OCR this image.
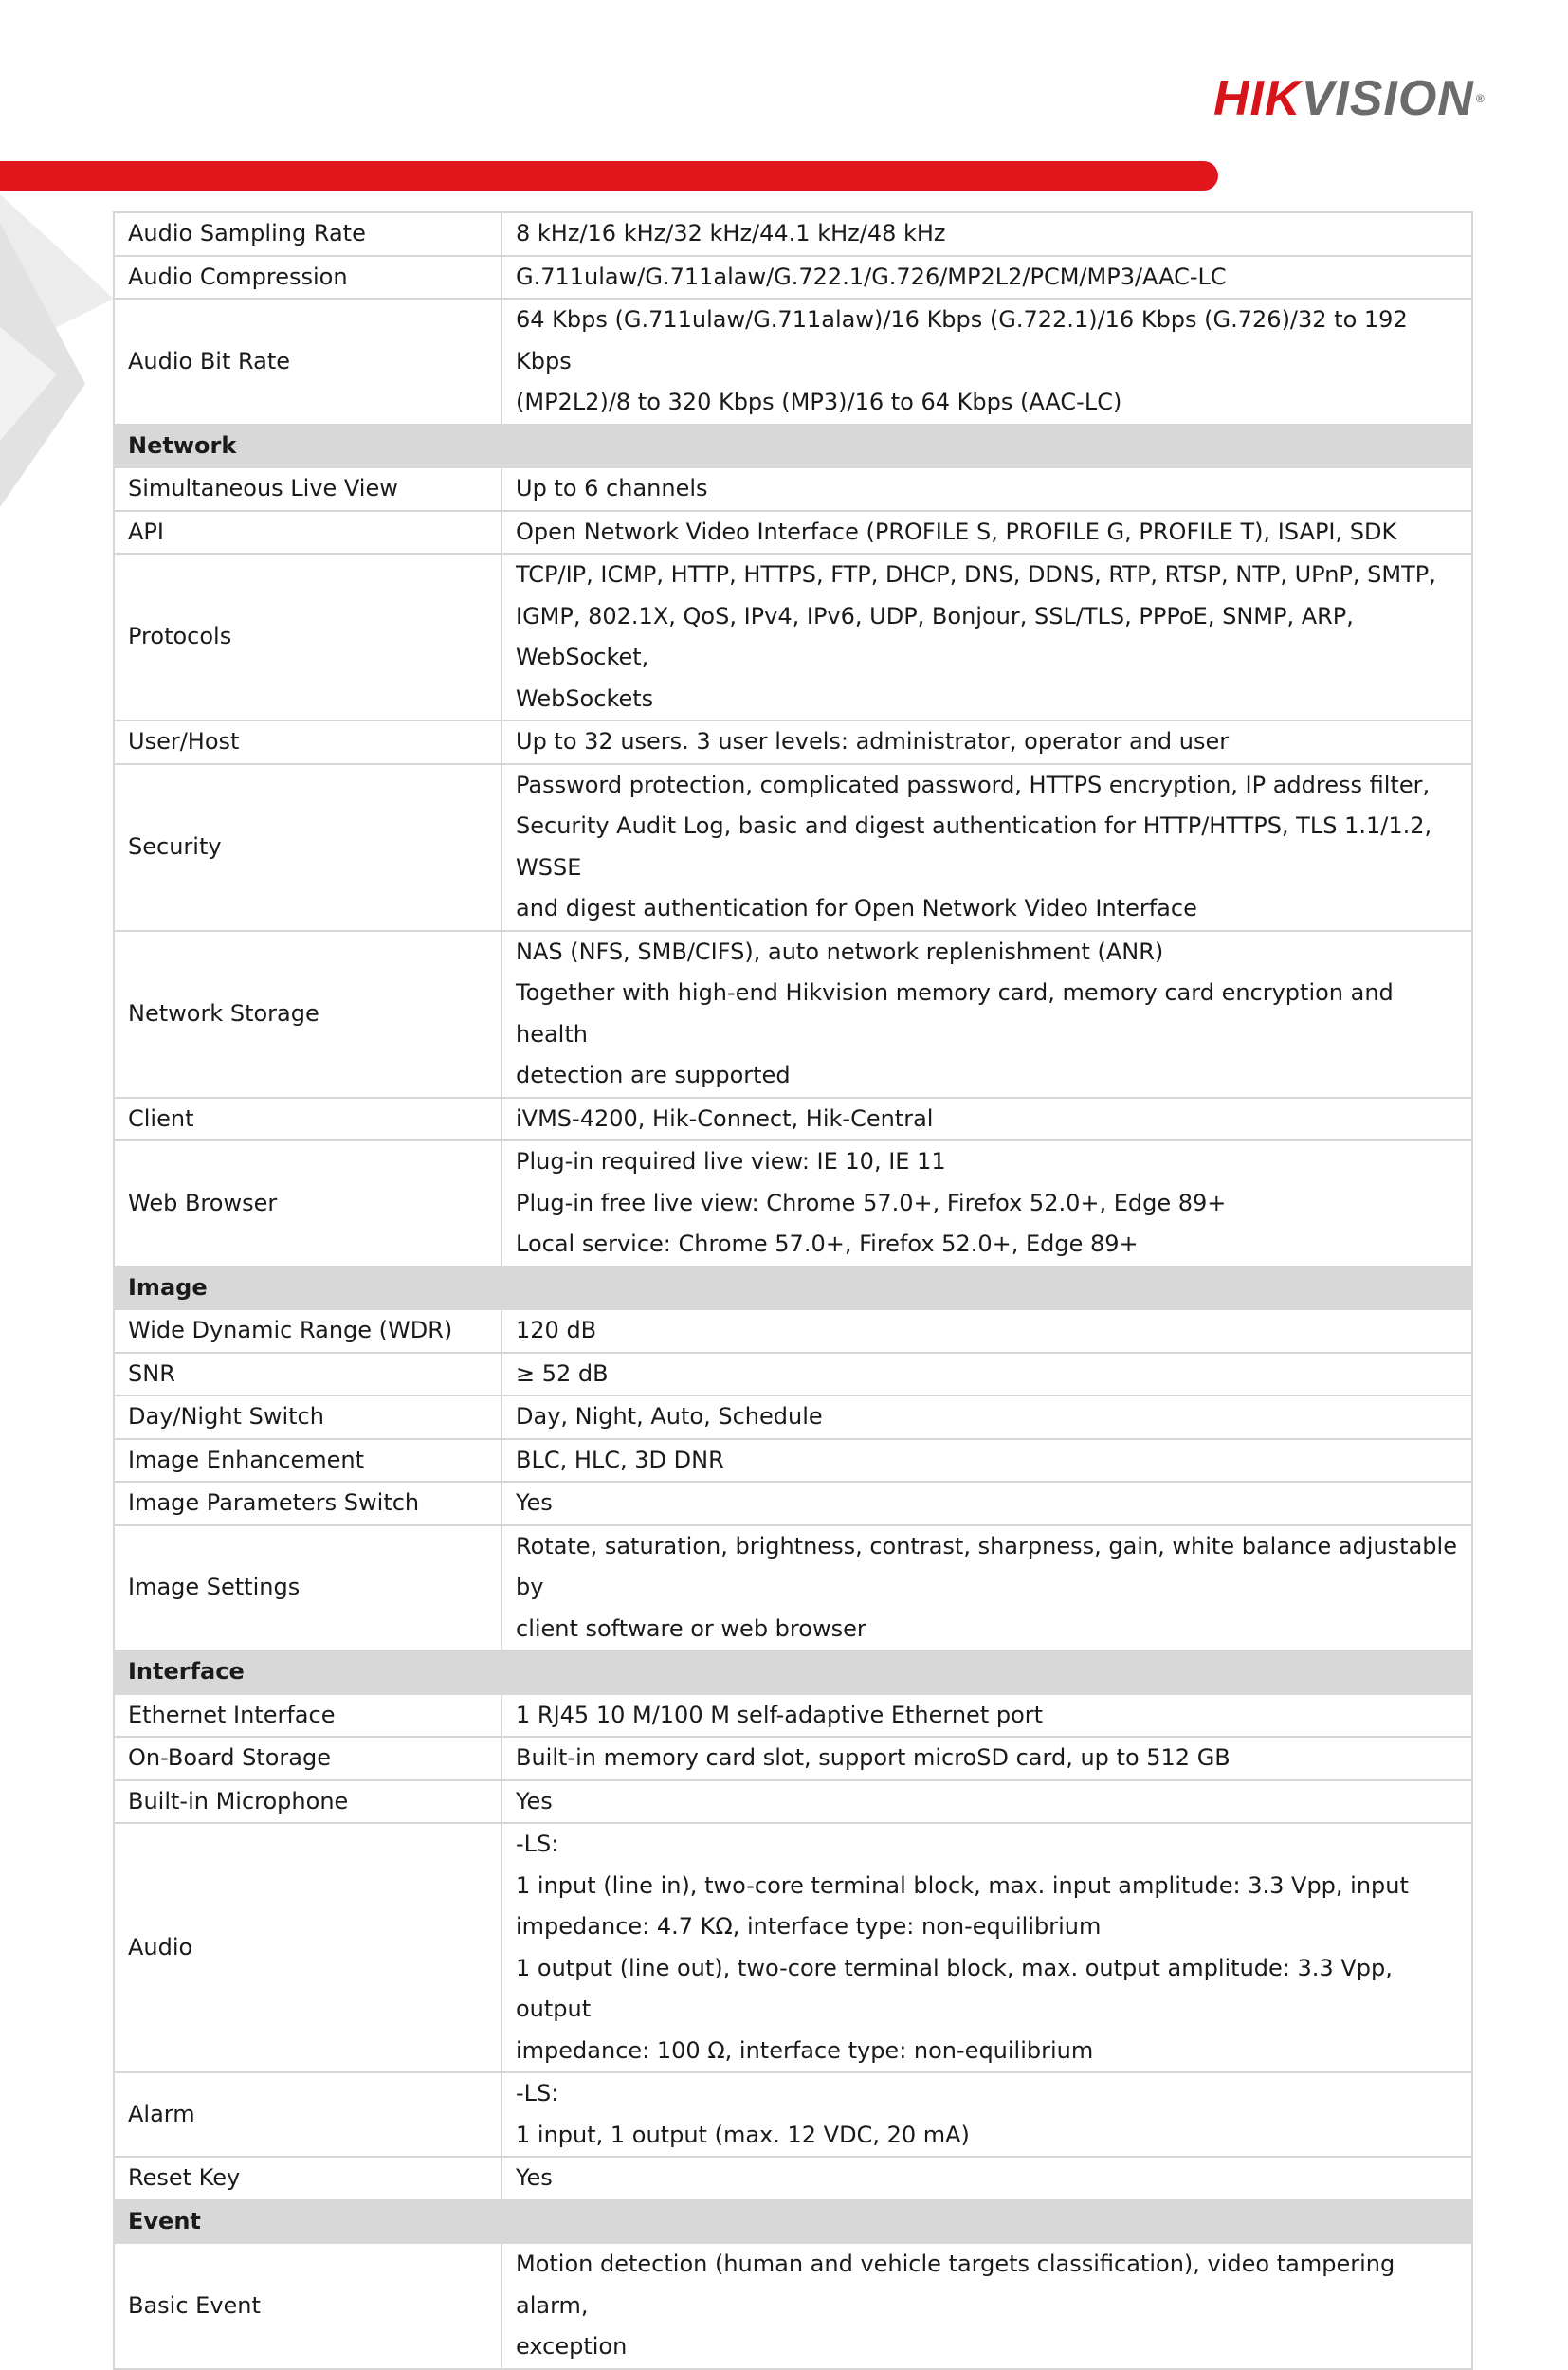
HIKVISION ®
Audio Sampling Rate	8 kHz/16 kHz/32 kHz/44.1 kHz/48 kHz

Audio Compression	G.711ulaw/G.711alaw/G.722.1/G.726/MP2L2/PCM/MP3/AAC-LC

Audio Bit Rate	64 Kbps (G.711ulaw/G.711alaw)/16 Kbps (G.722.1)/16 Kbps (G.726)/32 to 192 Kbps
(MP2L2)/8 to 320 Kbps (MP3)/16 to 64 Kbps (AAC-LC)

Network	
Simultaneous Live View	Up to 6 channels

API	Open Network Video Interface (PROFILE S, PROFILE G, PROFILE T), ISAPI, SDK

Protocols	TCP/IP, ICMP, HTTP, HTTPS, FTP, DHCP, DNS, DDNS, RTP, RTSP, NTP, UPnP, SMTP,
IGMP, 802.1X, QoS, IPv4, IPv6, UDP, Bonjour, SSL/TLS, PPPoE, SNMP, ARP, WebSocket,
WebSockets

User/Host	Up to 32 users. 3 user levels: administrator, operator and user

Security	Password protection, complicated password, HTTPS encryption, IP address filter,
Security Audit Log, basic and digest authentication for HTTP/HTTPS, TLS 1.1/1.2, WSSE
and digest authentication for Open Network Video Interface

Network Storage	NAS (NFS, SMB/CIFS), auto network replenishment (ANR)
Together with high-end Hikvision memory card, memory card encryption and health
detection are supported

Client	iVMS-4200, Hik-Connect, Hik-Central

Web Browser	Plug-in required live view: IE 10, IE 11
Plug-in free live view: Chrome 57.0+, Firefox 52.0+, Edge 89+
Local service: Chrome 57.0+, Firefox 52.0+, Edge 89+

Image	
Wide Dynamic Range (WDR)	120 dB

SNR	≥ 52 dB

Day/Night Switch	Day, Night, Auto, Schedule

Image Enhancement	BLC, HLC, 3D DNR

Image Parameters Switch	Yes

Image Settings	Rotate, saturation, brightness, contrast, sharpness, gain, white balance adjustable by
client software or web browser

Interface	
Ethernet Interface	1 RJ45 10 M/100 M self-adaptive Ethernet port

On-Board Storage	Built-in memory card slot, support microSD card, up to 512 GB

Built-in Microphone	Yes

Audio	-LS:
1 input (line in), two-core terminal block, max. input amplitude: 3.3 Vpp, input
impedance: 4.7 KΩ, interface type: non-equilibrium
1 output (line out), two-core terminal block, max. output amplitude: 3.3 Vpp, output
impedance: 100 Ω, interface type: non-equilibrium

Alarm	-LS:
1 input, 1 output (max. 12 VDC, 20 mA)

Reset Key	Yes

Event	
Basic Event	Motion detection (human and vehicle targets classification), video tampering alarm,
exception
